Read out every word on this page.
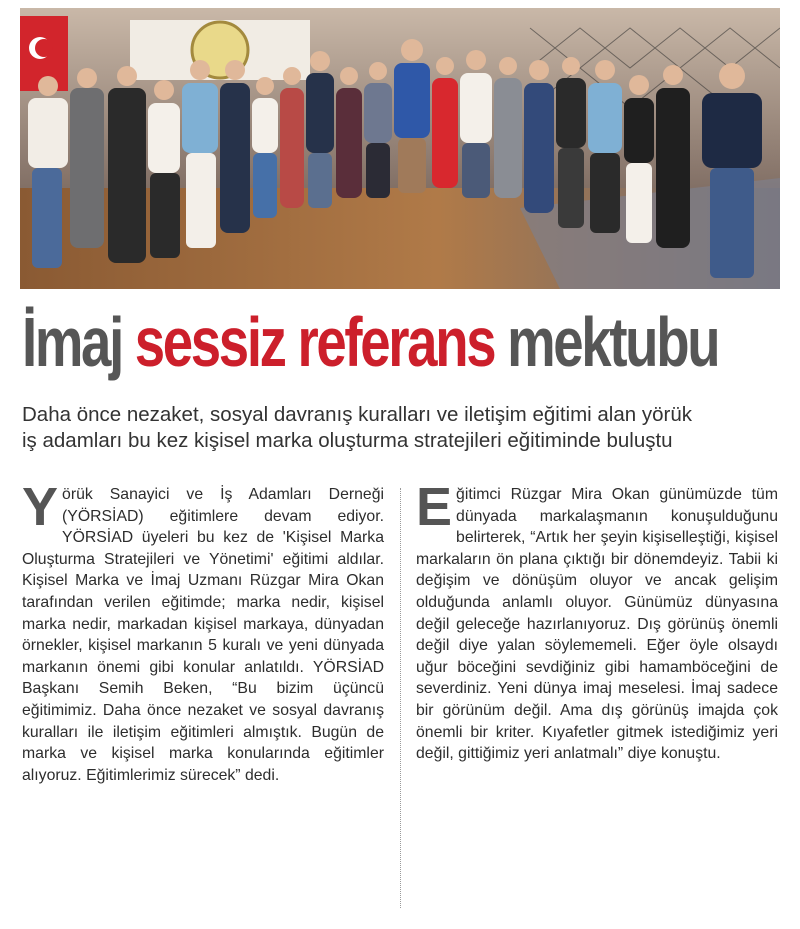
İmaj sessiz referans mektubu
Daha önce nezaket, sosyal davranış kuralları ve iletişim eğitimi alan yörük
iş adamları bu kez kişisel marka oluşturma stratejileri eğitiminde buluştu

Yörük Sanayici ve İş Adamları Derneği (YÖRSİAD) eğitimlere devam ediyor. YÖRSİAD üyeleri bu kez de 'Kişisel Marka Oluşturma Stratejileri ve Yönetimi' eğitimi aldılar. Kişisel Marka ve İmaj Uzmanı Rüzgar Mira Okan tarafından verilen eğitimde; marka nedir, kişisel marka nedir, markadan kişisel markaya, dünyadan örnekler, kişisel markanın 5 kuralı ve yeni dünyada markanın önemi gibi konular anlatıldı. YÖRSİAD Başkanı Semih Beken, “Bu bizim üçüncü eğitimimiz. Daha önce nezaket ve sosyal davranış kuralları ile iletişim eğitimleri almıştık. Bugün de marka ve kişisel marka konularında eğitimler alıyoruz. Eğitimlerimiz sürecek” dedi.

Eğitimci Rüzgar Mira Okan günümüzde tüm dünyada markalaşmanın konuşulduğunu belirterek, “Artık her şeyin kişiselleştiği, kişisel markaların ön plana çıktığı bir dönemdeyiz. Tabii ki değişim ve dönüşüm oluyor ve ancak gelişim olduğunda anlamlı oluyor. Günümüz dünyasına değil geleceğe hazırlanıyoruz. Dış görünüş önemli değil diye yalan söylememeli. Eğer öyle olsaydı uğur böceğini sevdiğiniz gibi hamamböceğini de severdiniz. Yeni dünya imaj meselesi. İmaj sadece bir görünüm değil. Ama dış görünüş imajda çok önemli bir kriter. Kıyafetler gitmek istediğimiz yeri değil, gittiğimiz yeri anlatmalı” diye konuştu.
